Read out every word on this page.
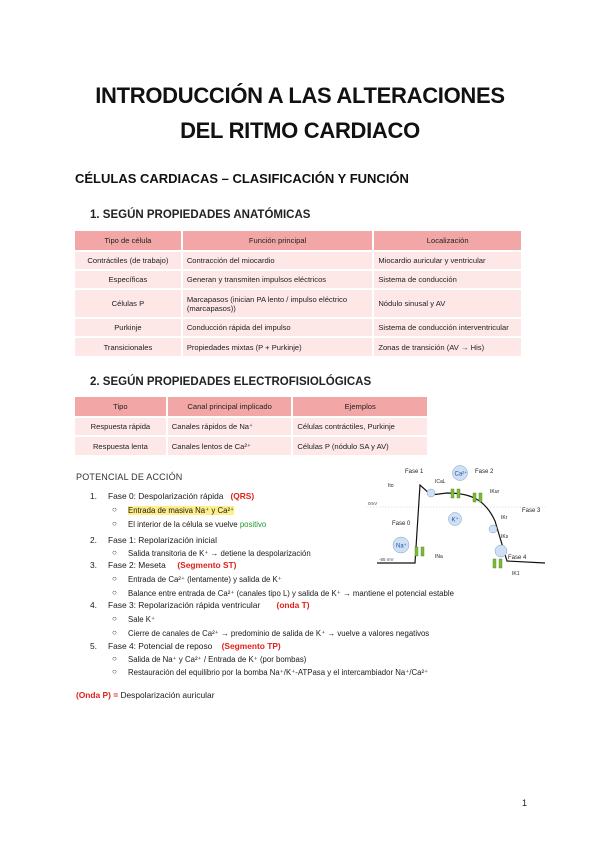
INTRODUCCIÓN A LAS ALTERACIONES
DEL RITMO CARDIACO
CÉLULAS CARDIACAS – CLASIFICACIÓN Y FUNCIÓN
1. SEGÚN PROPIEDADES ANATÓMICAS
Tipo de célula	Función principal	Localización
Contráctiles (de trabajo)	Contracción del miocardio	Miocardio auricular y ventricular
Específicas	Generan y transmiten impulsos eléctricos	Sistema de conducción
Células P	Marcapasos (inician PA lento / impulso eléctrico (marcapasos))	Nódulo sinusal y AV
Purkinje	Conducción rápida del impulso	Sistema de conducción interventricular
Transicionales	Propiedades mixtas (P + Purkinje)	Zonas de transición (AV → His)
2. SEGÚN PROPIEDADES ELECTROFISIOLÓGICAS
Tipo	Canal principal implicado	Ejemplos
Respuesta rápida	Canales rápidos de Na⁺	Células contráctiles, Purkinje
Respuesta lenta	Canales lentos de Ca²⁺	Células P (nódulo SA y AV)
POTENCIAL DE ACCIÓN
1. Fase 0: Despolarización rápida (QRS)
○ Entrada de masiva Na⁺ y Ca²⁺
○ El interior de la célula se vuelve positivo
2. Fase 1: Repolarización inicial
○ Salida transitoria de K⁺ → detiene la despolarización
3. Fase 2: Meseta (Segmento ST)
○ Entrada de Ca²⁺ (lentamente) y salida de K⁺
○ Balance entre entrada de Ca²⁺ (canales tipo L) y salida de K⁺ → mantiene el potencial estable
4. Fase 3: Repolarización rápida ventricular (onda T)
○ Sale K⁺
○ Cierre de canales de Ca²⁺ → predominio de salida de K⁺ → vuelve a valores negativos
5. Fase 4: Potencial de reposo (Segmento TP)
○ Salida de Na⁺ y Ca²⁺ / Entrada de K⁺ (por bombas)
○ Restauración del equilibrio por la bomba Na⁺/K⁺-ATPasa y el intercambiador Na⁺/Ca²⁺
(Onda P) = Despolarización auricular
Fase 1	Fase 2
Fase 3
Fase 0
Fase 4
0mV
-85 mV
Ito
ICaL
IKur
IKr
INa
IKs
IK1
Ca²⁺
Na⁺
K⁺
1
